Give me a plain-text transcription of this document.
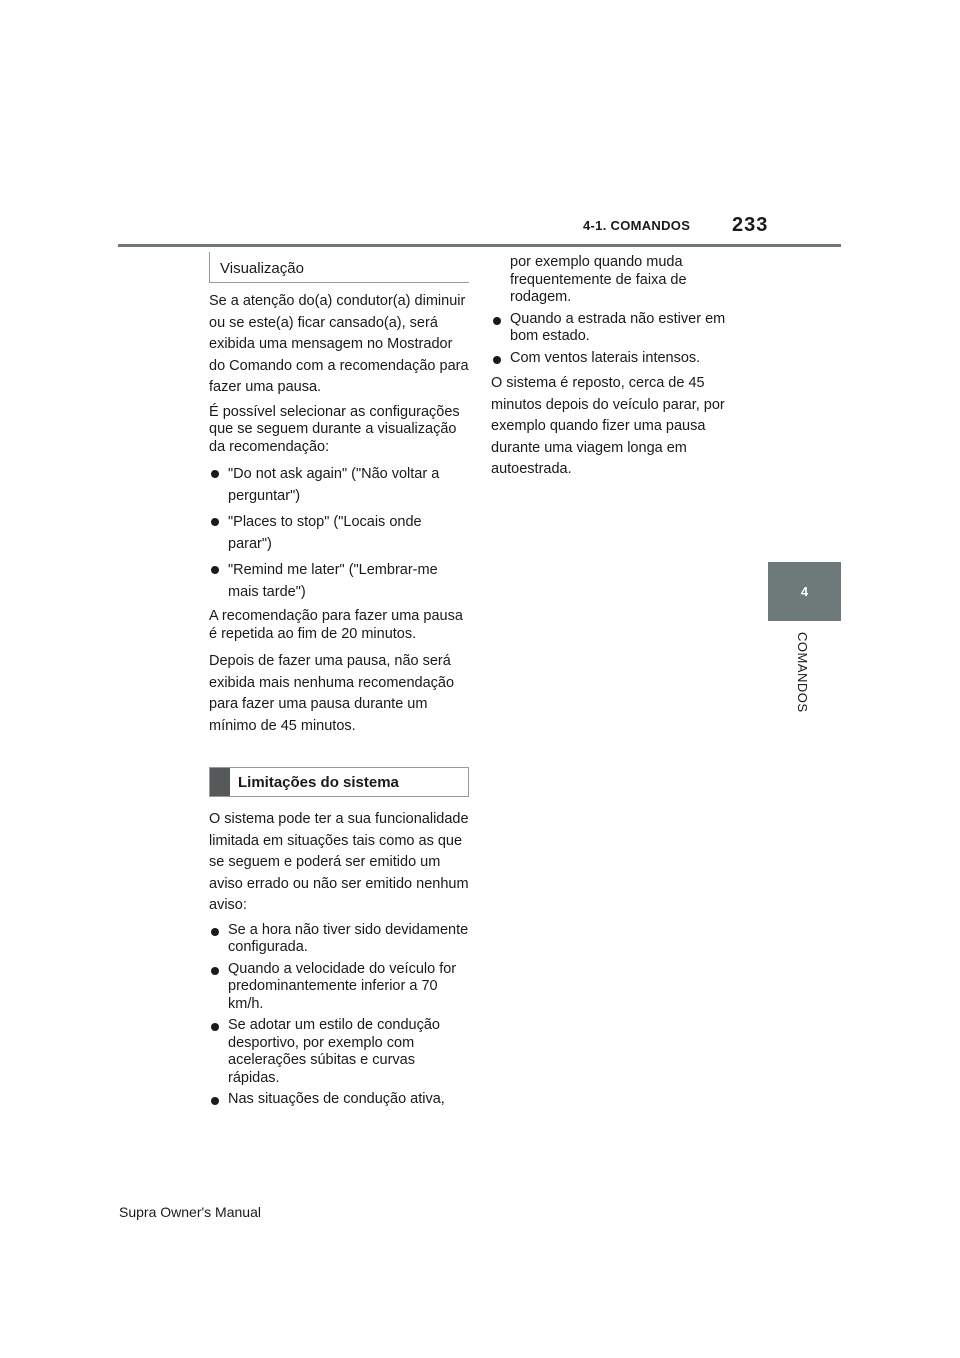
4-1. COMANDOS 233
4
COMANDOS
Visualização

Se a atenção do(a) condutor(a) diminuir ou se este(a) ficar cansado(a), será exibida uma mensagem no Mostrador do Comando com a recomendação para fazer uma pausa.

É possível selecionar as configurações que se seguem durante a visualização da recomendação:

"Do not ask again" ("Não voltar a perguntar")
"Places to stop" ("Locais onde parar")
"Remind me later" ("Lembrar-me mais tarde")

A recomendação para fazer uma pausa é repetida ao fim de 20 minutos.

Depois de fazer uma pausa, não será exibida mais nenhuma recomendação para fazer uma pausa durante um mínimo de 45 minutos.

Limitações do sistema

O sistema pode ter a sua funcionalidade limitada em situações tais como as que se seguem e poderá ser emitido um aviso errado ou não ser emitido nenhum aviso:

Se a hora não tiver sido devidamente configurada.
Quando a velocidade do veículo for predominantemente inferior a 70 km/h.
Se adotar um estilo de condução desportivo, por exemplo com acelerações súbitas e curvas rápidas.
Nas situações de condução ativa,

por exemplo quando muda frequentemente de faixa de rodagem.

Quando a estrada não estiver em bom estado.
Com ventos laterais intensos.

O sistema é reposto, cerca de 45 minutos depois do veículo parar, por exemplo quando fizer uma pausa durante uma viagem longa em autoestrada.

Supra Owner's Manual
